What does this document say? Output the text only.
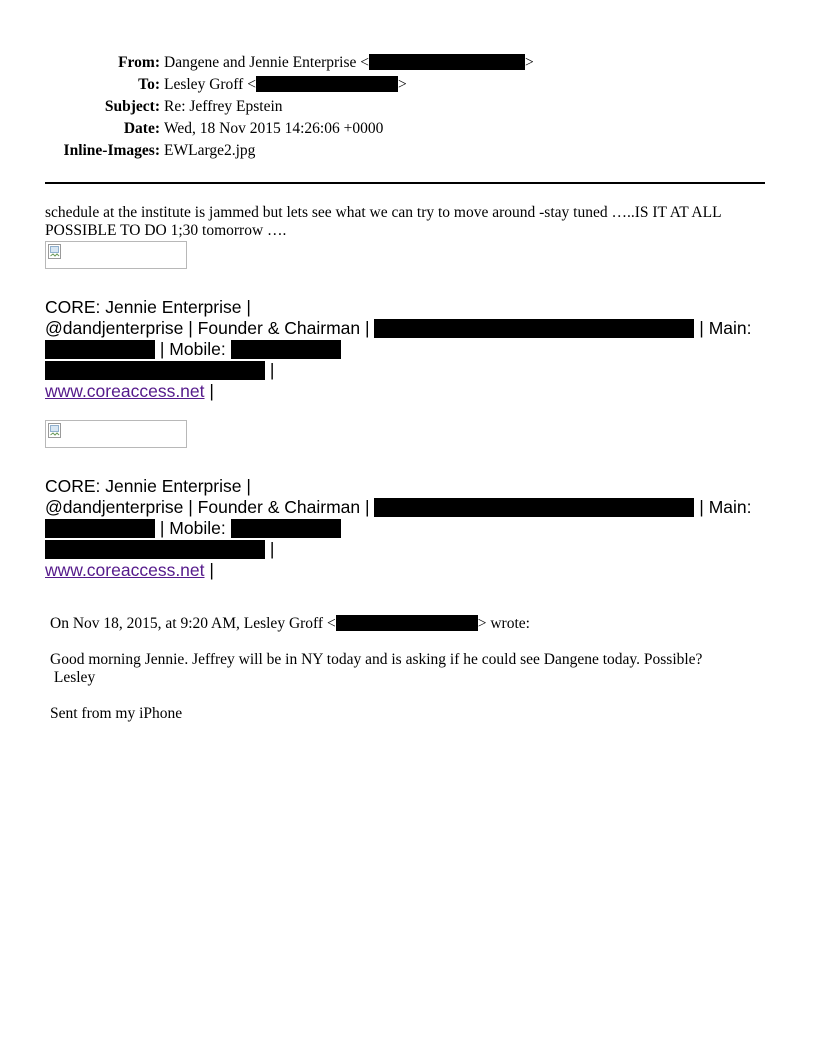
From: Dangene and Jennie Enterprise <	>
To: Lesley Groff <	>
Subject: Re: Jeffrey Epstein
Date: Wed, 18 Nov 2015 14:26:06 +0000
Inline-Images: EWLarge2.jpg
schedule at the institute is jammed but lets see what we can try to move around -stay tuned …..IS IT AT ALL
POSSIBLE TO DO 1;30 tomorrow ….
CORE: Jennie Enterprise |
@dandjenterprise | Founder & Chairman |	| Main:
| Mobile:
|
www.coreaccess.net |
CORE: Jennie Enterprise |
@dandjenterprise | Founder & Chairman |	| Main:
| Mobile:
|
www.coreaccess.net |
On Nov 18, 2015, at 9:20 AM, Lesley Groff <	> wrote:
Good morning Jennie. Jeffrey will be in NY today and is asking if he could see Dangene today. Possible?
Lesley
Sent from my iPhone
